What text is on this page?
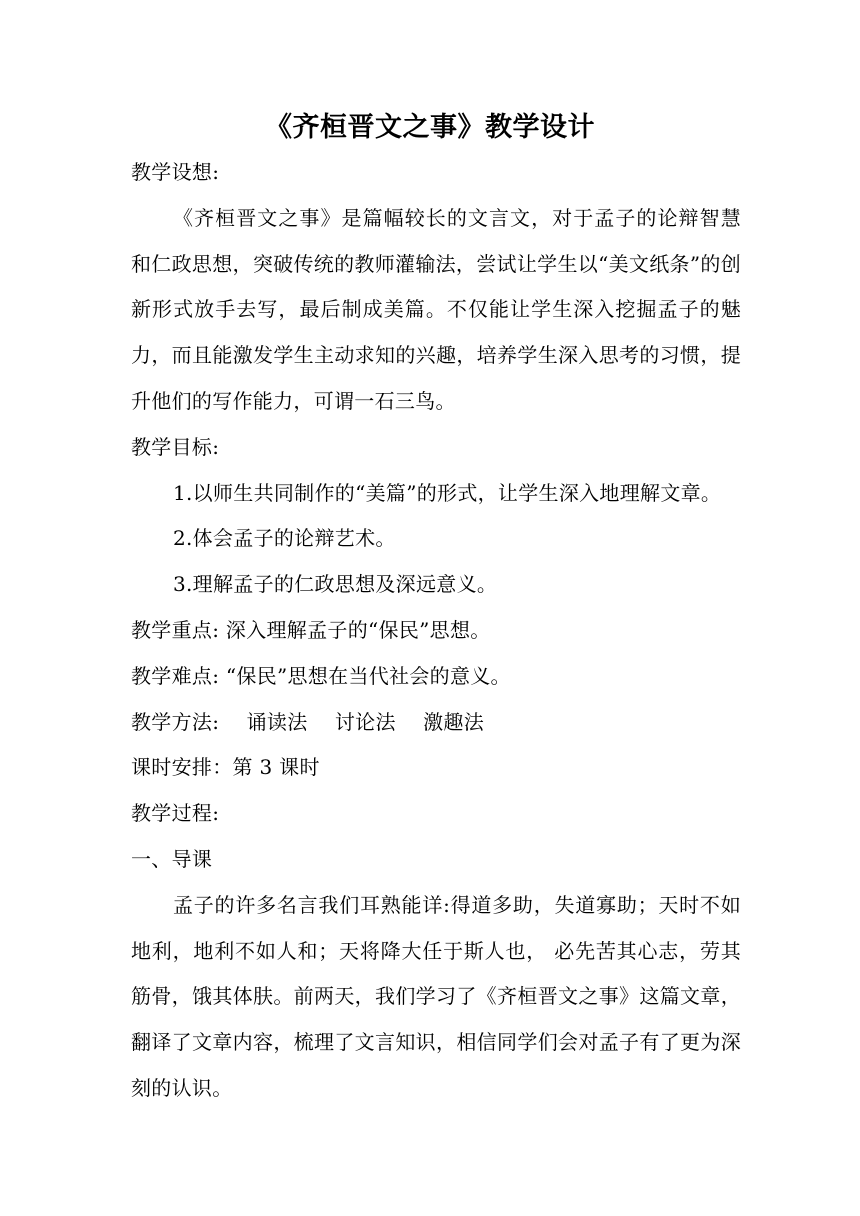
《齐桓晋文之事》教学设计

教学设想:

《齐桓晋文之事》是篇幅较长的文言文，对于孟子的论辩智慧和仁政思想，突破传统的教师灌输法，尝试让学生以“美文纸条”的创新形式放手去写，最后制成美篇。不仅能让学生深入挖掘孟子的魅力，而且能激发学生主动求知的兴趣，培养学生深入思考的习惯，提升他们的写作能力，可谓一石三鸟。

教学目标:

1.以师生共同制作的“美篇”的形式，让学生深入地理解文章。

2.体会孟子的论辩艺术。

3.理解孟子的仁政思想及深远意义。

教学重点: 深入理解孟子的“保民”思想。

教学难点: “保民”思想在当代社会的意义。

教学方法: 诵读法 讨论法 激趣法

课时安排：第 3 课时

教学过程:

一、导课

孟子的许多名言我们耳熟能详:得道多助，失道寡助；天时不如地利，地利不如人和；天将降大任于斯人也， 必先苦其心志，劳其筋骨，饿其体肤。前两天，我们学习了《齐桓晋文之事》这篇文章，翻译了文章内容，梳理了文言知识，相信同学们会对孟子有了更为深刻的认识。
